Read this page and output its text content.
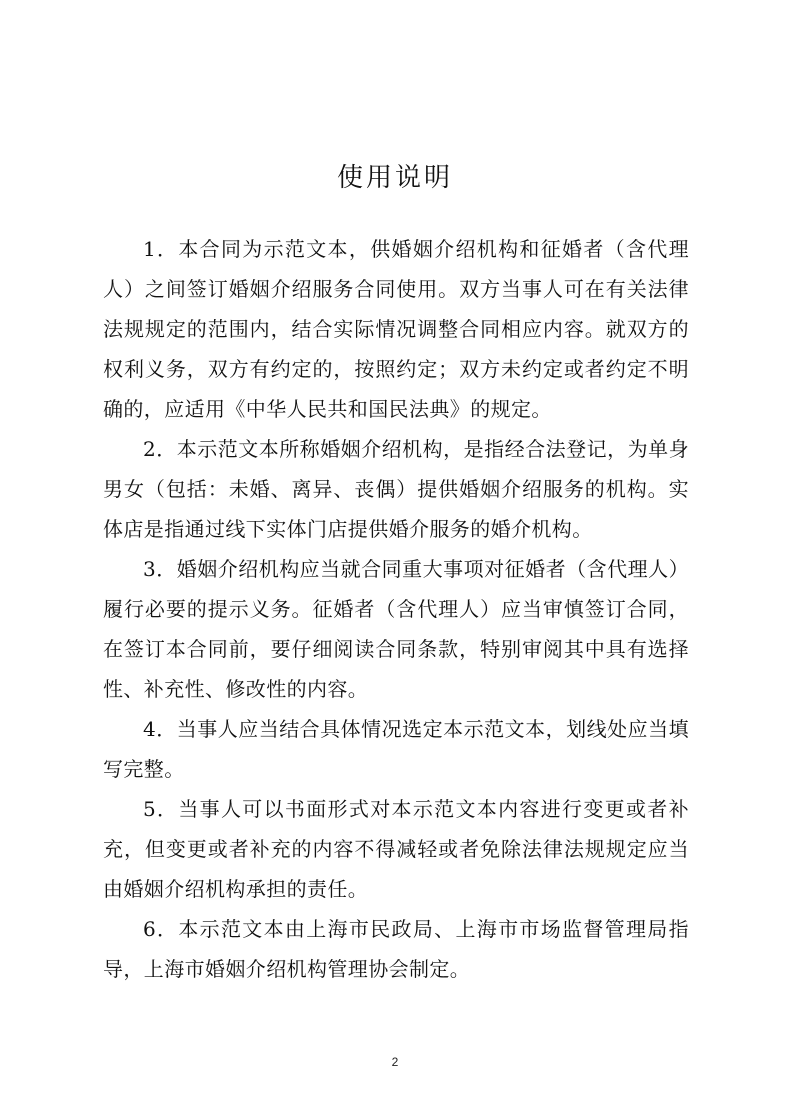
使用说明

1．本合同为示范文本，供婚姻介绍机构和征婚者（含代理人）之间签订婚姻介绍服务合同使用。双方当事人可在有关法律法规规定的范围内，结合实际情况调整合同相应内容。就双方的权利义务，双方有约定的，按照约定；双方未约定或者约定不明确的，应适用《中华人民共和国民法典》的规定。

2．本示范文本所称婚姻介绍机构，是指经合法登记，为单身男女（包括：未婚、离异、丧偶）提供婚姻介绍服务的机构。实体店是指通过线下实体门店提供婚介服务的婚介机构。

3．婚姻介绍机构应当就合同重大事项对征婚者（含代理人）履行必要的提示义务。征婚者（含代理人）应当审慎签订合同，在签订本合同前，要仔细阅读合同条款，特别审阅其中具有选择性、补充性、修改性的内容。

4．当事人应当结合具体情况选定本示范文本，划线处应当填写完整。

5．当事人可以书面形式对本示范文本内容进行变更或者补充，但变更或者补充的内容不得减轻或者免除法律法规规定应当由婚姻介绍机构承担的责任。

6．本示范文本由上海市民政局、上海市市场监督管理局指导，上海市婚姻介绍机构管理协会制定。

2
